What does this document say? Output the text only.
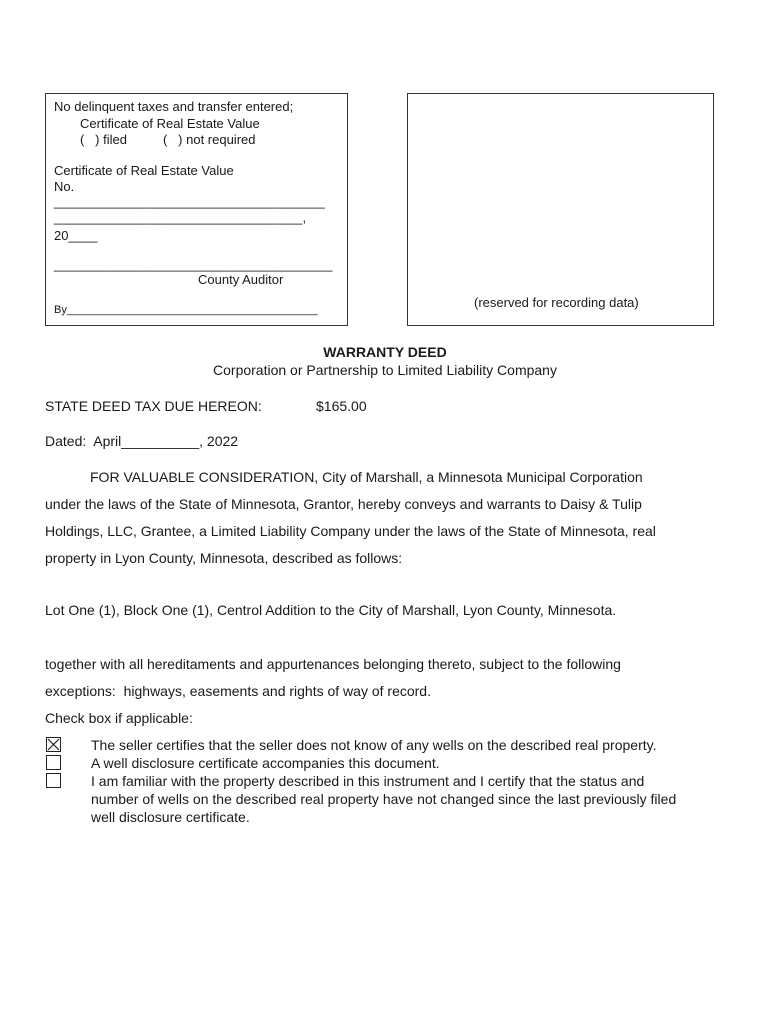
No delinquent taxes and transfer entered;
Certificate of Real Estate Value
(   ) filed	(   ) not required
Certificate of Real Estate Value
No.
____________________________________
_________________________________,
20____
_____________________________________
County Auditor
By_________________________________________	(reserved for recording data)
WARRANTY DEED
Corporation or Partnership to Limited Liability Company
STATE DEED TAX DUE HEREON:	$165.00
Dated:  April__________, 2022
FOR VALUABLE CONSIDERATION, City of Marshall, a Minnesota Municipal Corporation
under the laws of the State of Minnesota, Grantor, hereby conveys and warrants to Daisy & Tulip
Holdings, LLC, Grantee, a Limited Liability Company under the laws of the State of Minnesota, real
property in Lyon County, Minnesota, described as follows:
Lot One (1), Block One (1), Centrol Addition to the City of Marshall, Lyon County, Minnesota.
together with all hereditaments and appurtenances belonging thereto, subject to the following
exceptions:  highways, easements and rights of way of record.
Check box if applicable:
The seller certifies that the seller does not know of any wells on the described real property.
A well disclosure certificate accompanies this document.
I am familiar with the property described in this instrument and I certify that the status and
number of wells on the described real property have not changed since the last previously filed
well disclosure certificate.
